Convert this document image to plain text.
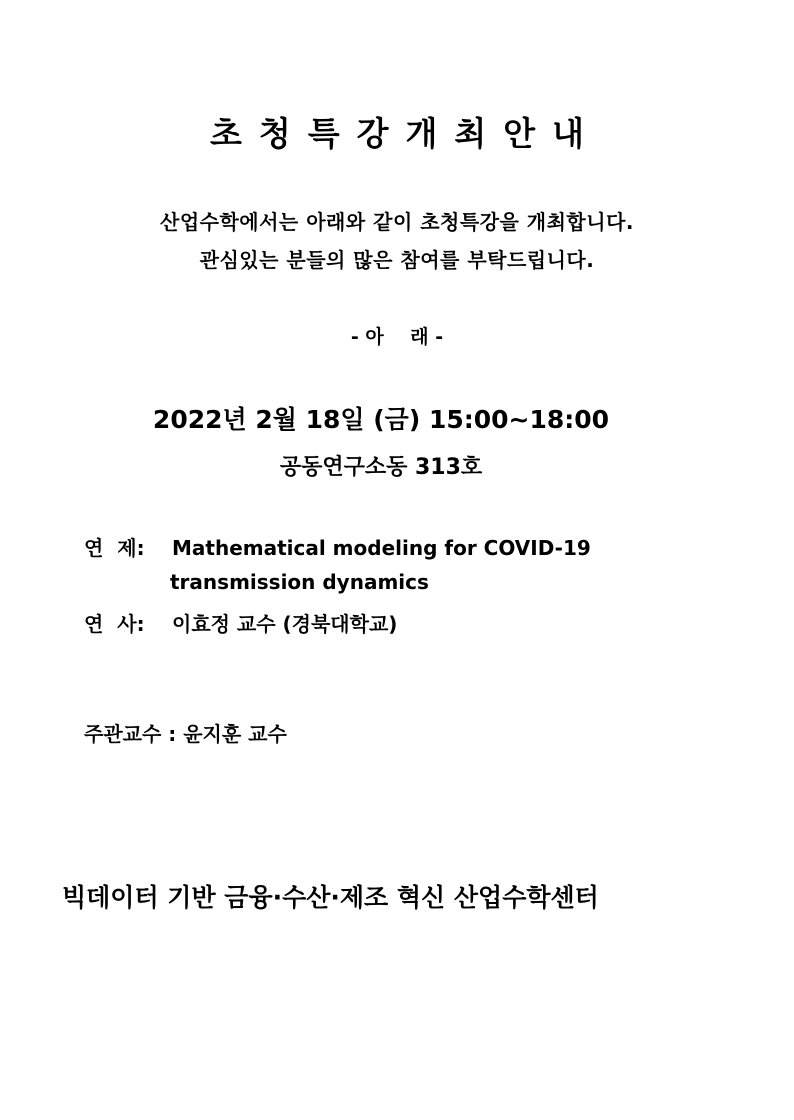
초청특강개최안내
산업수학에서는 아래와 같이 초청특강을 개최합니다.
관심있는 분들의 많은 참여를 부탁드립니다.
- 아    래 -
2022년 2월 18일 (금) 15:00~18:00
공동연구소동 313호
연  제: Mathematical modeling for COVID-19
transmission dynamics
연  사: 이효정 교수 (경북대학교)
주관교수 : 윤지훈 교수
빅데이터 기반 금융·수산·제조 혁신 산업수학센터
